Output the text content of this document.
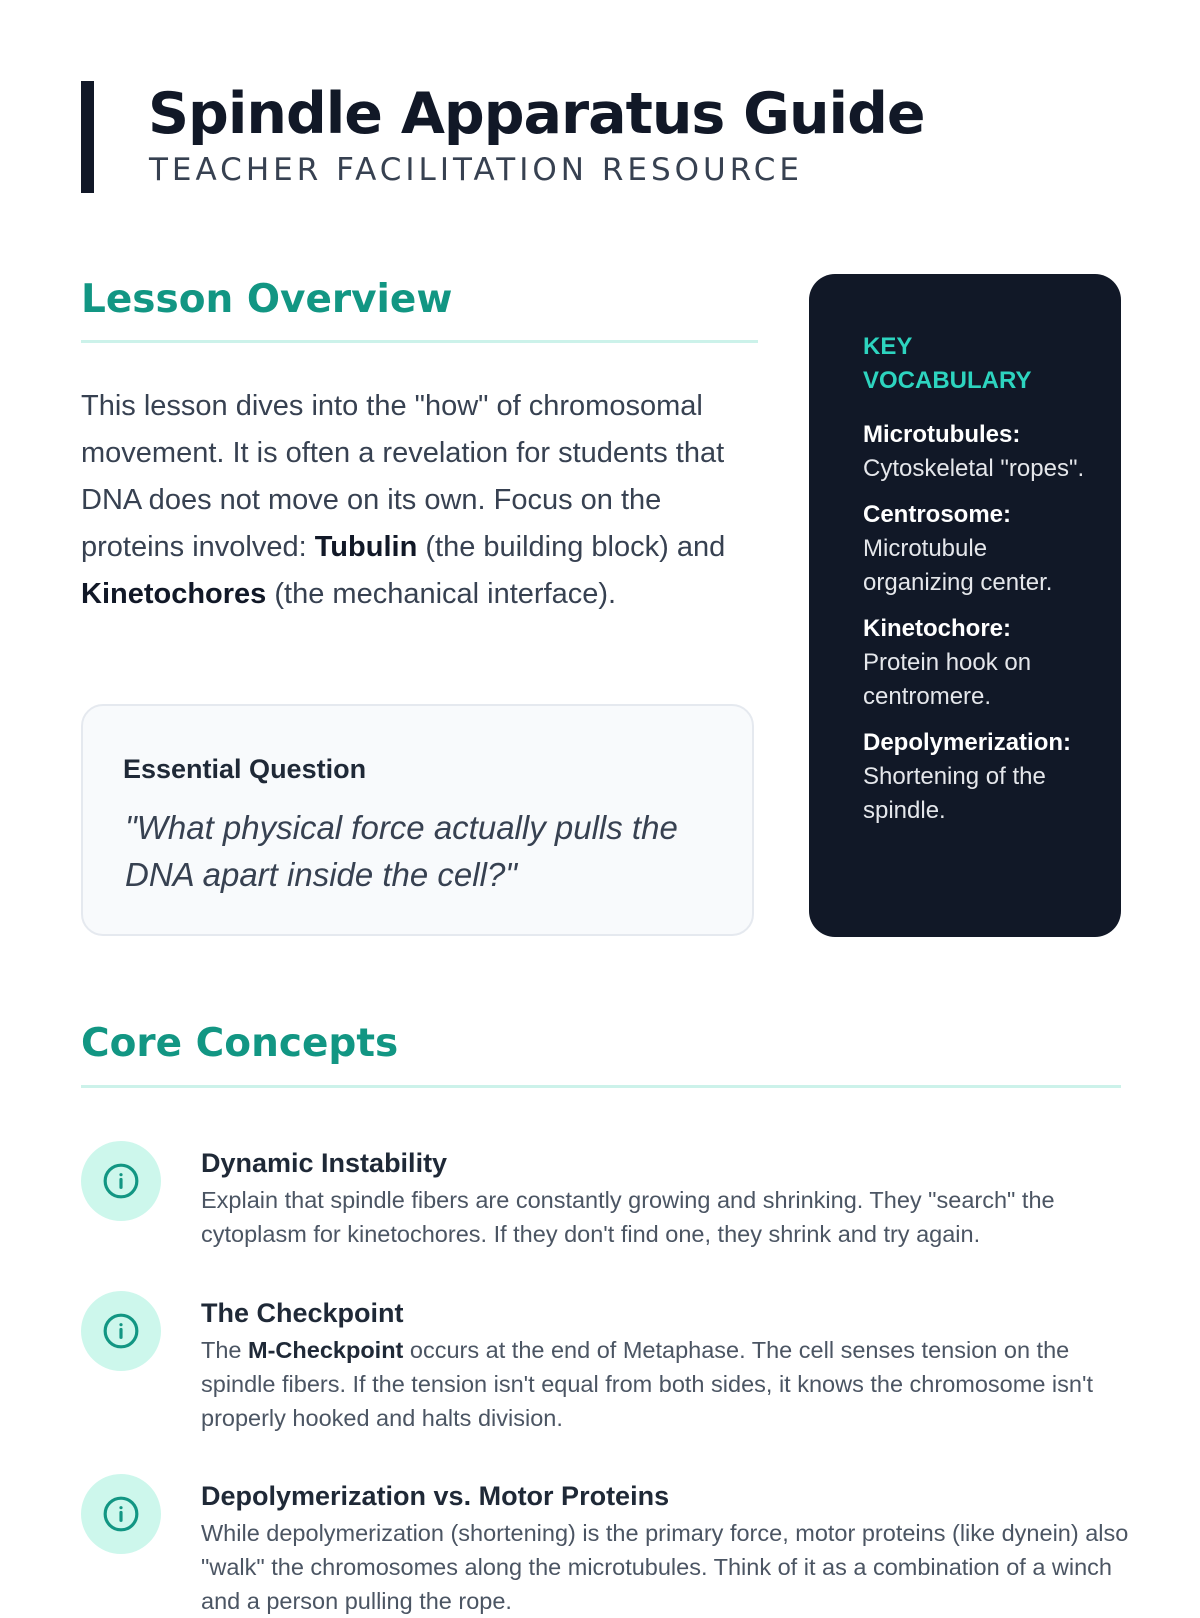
Spindle Apparatus Guide

TEACHER FACILITATION RESOURCE

Lesson Overview

This lesson dives into the "how" of chromosomal movement. It is often a revelation for students that DNA does not move on its own. Focus on the proteins involved: Tubulin (the building block) and Kinetochores (the mechanical interface).

Essential Question

"What physical force actually pulls the DNA apart inside the cell?"

KEY VOCABULARY

Microtubules:
Cytoskeletal "ropes".
Centrosome:
Microtubule organizing center.
Kinetochore:
Protein hook on centromere.
Depolymerization:
Shortening of the spindle.
Core Concepts
Dynamic Instability

Explain that spindle fibers are constantly growing and shrinking. They "search" the cytoplasm for kinetochores. If they don't find one, they shrink and try again.

The Checkpoint

The M-Checkpoint occurs at the end of Metaphase. The cell senses tension on the spindle fibers. If the tension isn't equal from both sides, it knows the chromosome isn't properly hooked and halts division.

Depolymerization vs. Motor Proteins

While depolymerization (shortening) is the primary force, motor proteins (like dynein) also "walk" the chromosomes along the microtubules. Think of it as a combination of a winch and a person pulling the rope.
